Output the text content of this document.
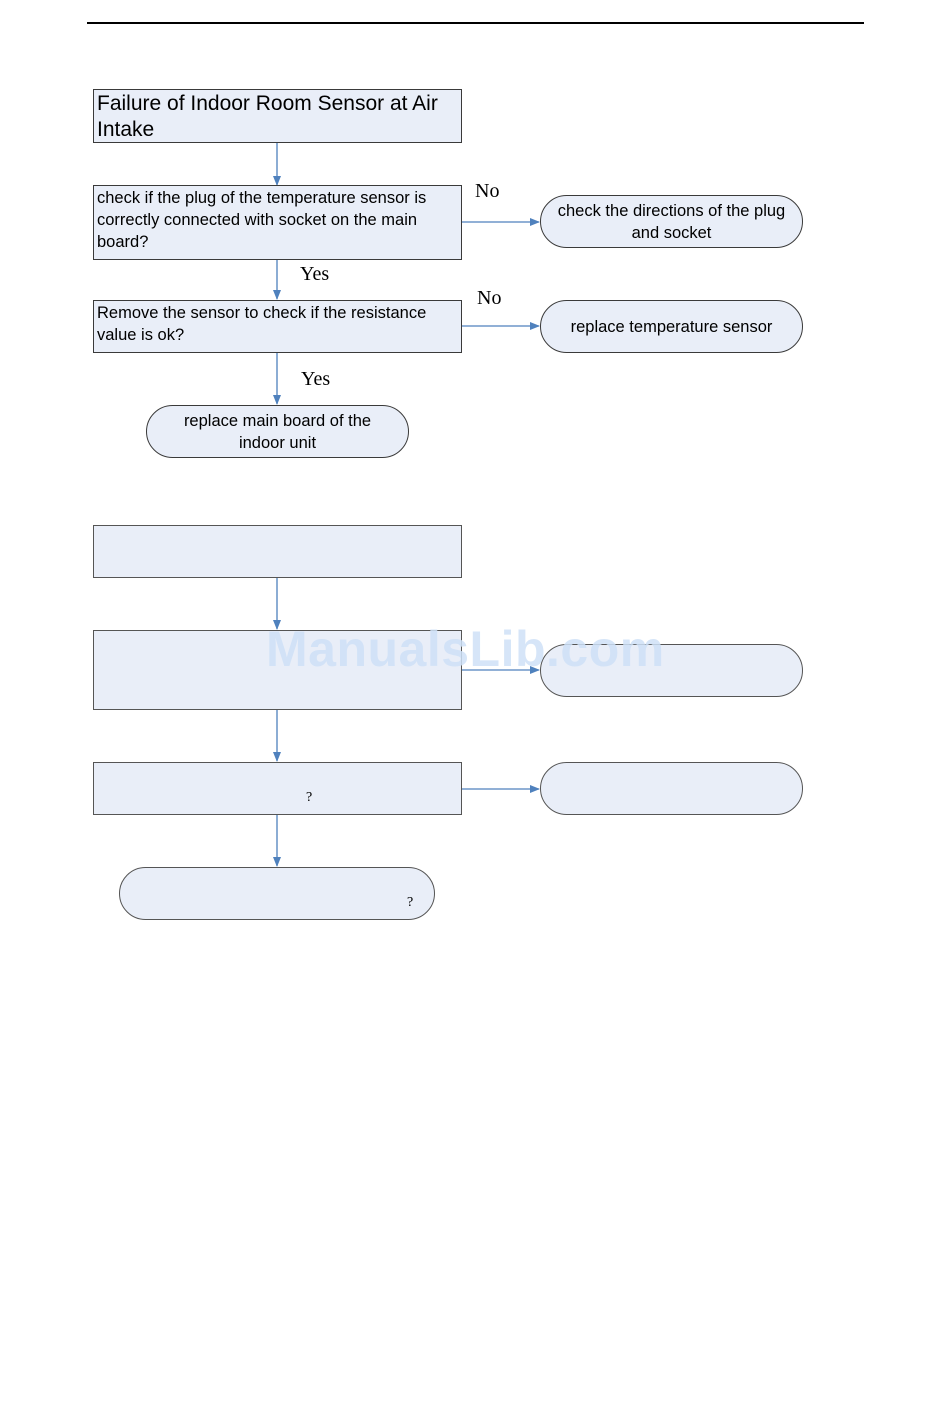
Failure of Indoor Room Sensor at Air Intake
check if the plug of the temperature sensor is correctly connected with socket on the main board?
check the directions of the plug and socket
Remove the sensor to check if the resistance value is ok?	replace temperature sensor
replace main board of the indoor unit
No
Yes
No
Yes
?
?
ManualsLib.com
